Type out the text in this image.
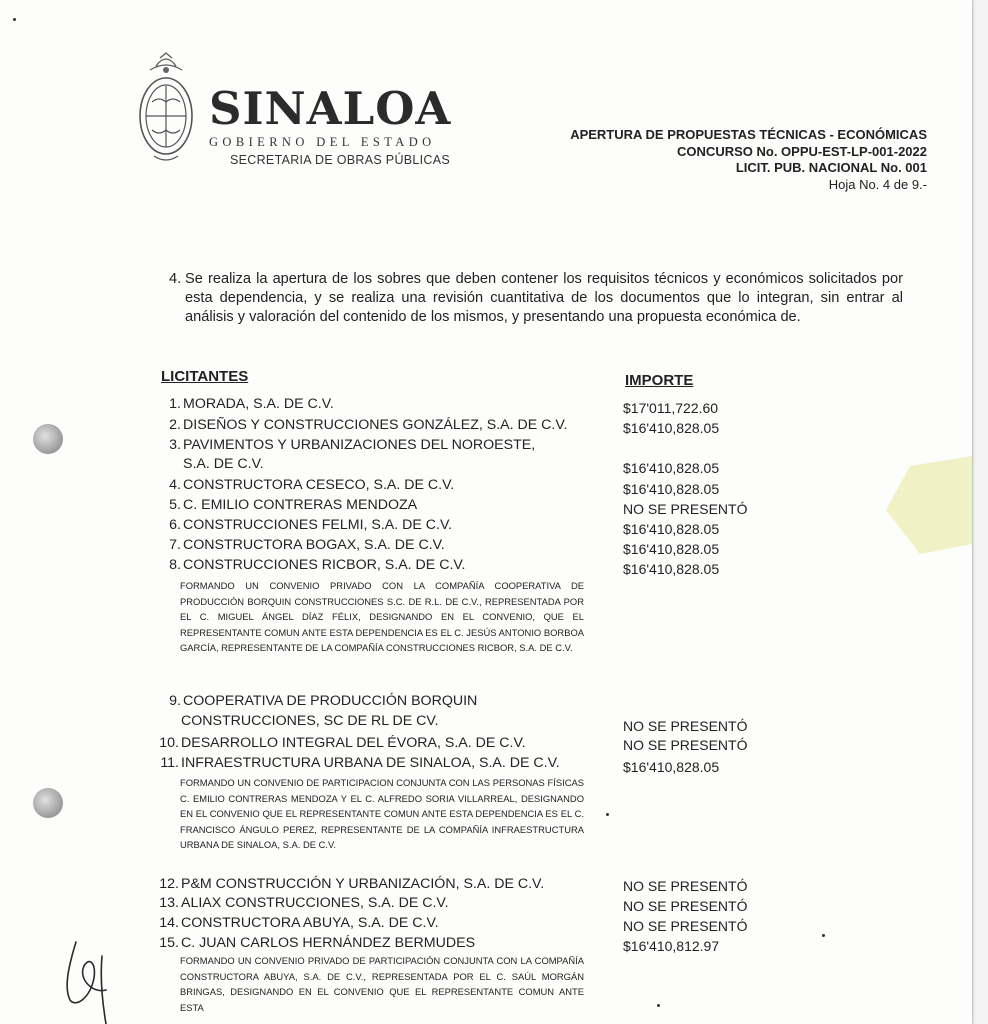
SINALOA
GOBIERNO DEL ESTADO
SECRETARIA DE OBRAS PÚBLICAS
APERTURA DE PROPUESTAS TÉCNICAS - ECONÓMICAS
CONCURSO No. OPPU-EST-LP-001-2022
LICIT. PUB. NACIONAL No. 001
Hoja No. 4 de 9.-
4. Se realiza la apertura de los sobres que deben contener los requisitos técnicos y económicos solicitados por esta dependencia, y se realiza una revisión cuantitativa de los documentos que lo integran, sin entrar al análisis y valoración del contenido de los mismos, y presentando una propuesta económica de.
LICITANTES	IMPORTE
1. MORADA, S.A. DE C.V.	$17'011,722.60
2. DISEÑOS Y CONSTRUCCIONES GONZÁLEZ, S.A. DE C.V.	$16'410,828.05
3. PAVIMENTOS Y URBANIZACIONES DEL NOROESTE,
S.A. DE C.V.	$16'410,828.05
4. CONSTRUCTORA CESECO, S.A. DE C.V.	$16'410,828.05
5. C. EMILIO CONTRERAS MENDOZA	NO SE PRESENTÓ
6. CONSTRUCCIONES FELMI, S.A. DE C.V.	$16'410,828.05
7. CONSTRUCTORA BOGAX, S.A. DE C.V.	$16'410,828.05
8. CONSTRUCCIONES RICBOR, S.A. DE C.V.	$16'410,828.05
FORMANDO UN CONVENIO PRIVADO CON LA COMPAÑÍA COOPERATIVA DE PRODUCCIÓN BORQUIN CONSTRUCCIONES S.C. DE R.L. DE C.V., REPRESENTADA POR EL C. MIGUEL ÁNGEL DÍAZ FÉLIX, DESIGNANDO EN EL CONVENIO, QUE EL REPRESENTANTE COMUN ANTE ESTA DEPENDENCIA ES EL C. JESÚS ANTONIO BORBOA GARCÍA, REPRESENTANTE DE LA COMPAÑÍA CONSTRUCCIONES RICBOR, S.A. DE C.V.
9. COOPERATIVA DE PRODUCCIÓN BORQUIN
CONSTRUCCIONES, SC DE RL DE CV.	NO SE PRESENTÓ
10. DESARROLLO INTEGRAL DEL ÉVORA, S.A. DE C.V.	NO SE PRESENTÓ
11. INFRAESTRUCTURA URBANA DE SINALOA, S.A. DE C.V.	$16'410,828.05
FORMANDO UN CONVENIO DE PARTICIPACION CONJUNTA CON LAS PERSONAS FÍSICAS C. EMILIO CONTRERAS MENDOZA Y EL C. ALFREDO SORIA VILLARREAL, DESIGNANDO EN EL CONVENIO QUE EL REPRESENTANTE COMUN ANTE ESTA DEPENDENCIA ES EL C. FRANCISCO ÁNGULO PEREZ, REPRESENTANTE DE LA COMPAÑÍA INFRAESTRUCTURA URBANA DE SINALOA, S.A. DE C.V.
12. P&M CONSTRUCCIÓN Y URBANIZACIÓN, S.A. DE C.V.	NO SE PRESENTÓ
13. ALIAX CONSTRUCCIONES, S.A. DE C.V.	NO SE PRESENTÓ
14. CONSTRUCTORA ABUYA, S.A. DE C.V.	NO SE PRESENTÓ
15. C. JUAN CARLOS HERNÁNDEZ BERMUDES	$16'410,812.97
FORMANDO UN CONVENIO PRIVADO DE PARTICIPACIÓN CONJUNTA CON LA COMPAÑÍA CONSTRUCTORA ABUYA, S.A. DE C.V., REPRESENTADA POR EL C. SAÚL MORGÁN BRINGAS, DESIGNANDO EN EL CONVENIO QUE EL REPRESENTANTE COMUN ANTE ESTA
